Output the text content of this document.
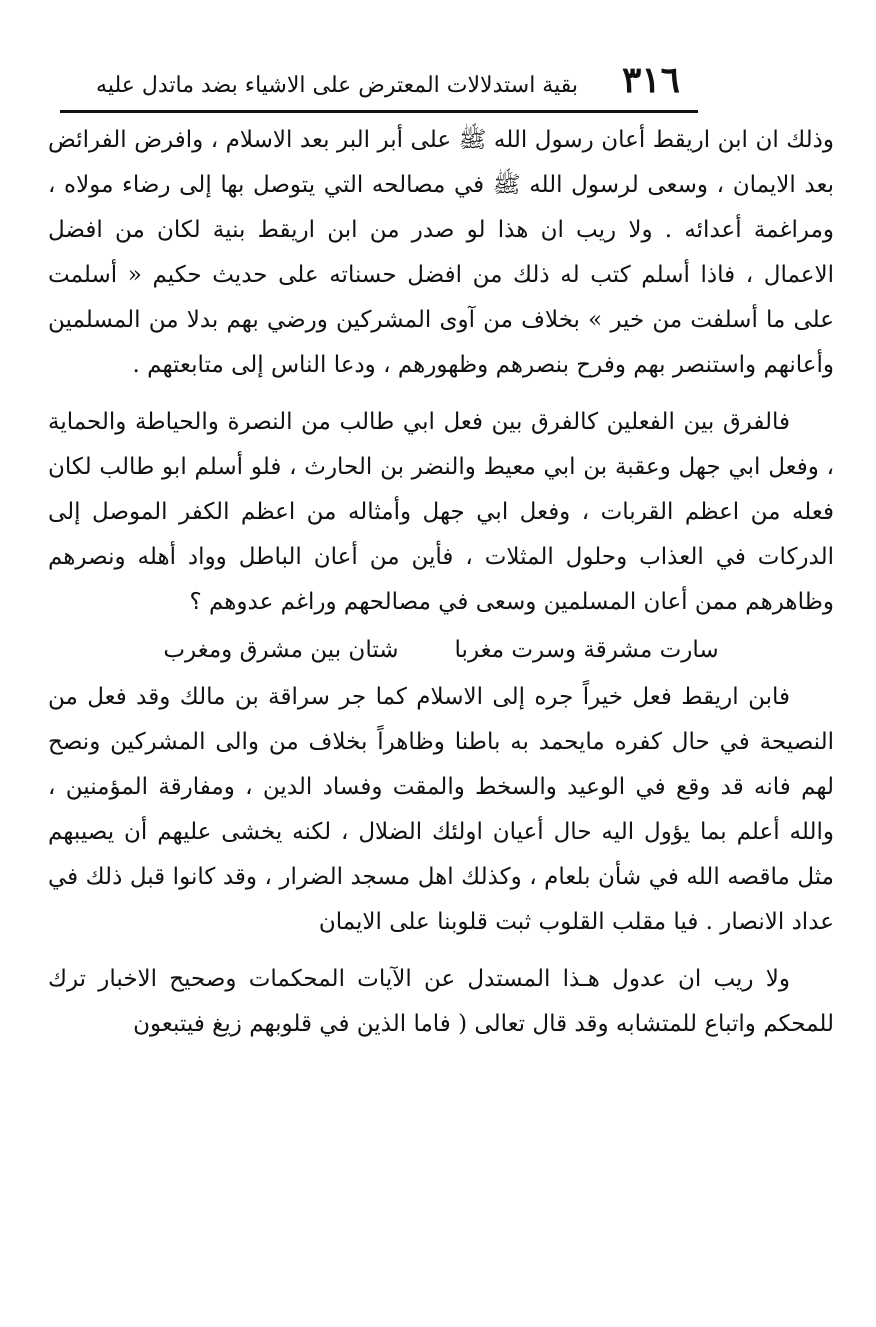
٣١٦
بقية استدلالات المعترض على الاشياء بضد ماتدل عليه

وذلك ان ابن اريقط أعان رسول الله ﷺ على أبر البر بعد الاسلام ، وافرض الفرائض بعد الايمان ، وسعى لرسول الله ﷺ في مصالحه التي يتوصل بها إلى رضاء مولاه ، ومراغمة أعدائه . ولا ريب ان هذا لو صدر من ابن اريقط بنية لكان من افضل الاعمال ، فاذا أسلم كتب له ذلك من افضل حسناته على حديث حكيم « أسلمت على ما أسلفت من خير » بخلاف من آوى المشركين ورضي بهم بدلا من المسلمين وأعانهم واستنصر بهم وفرح بنصرهم وظهورهم ، ودعا الناس إلى متابعتهم .

فالفرق بين الفعلين كالفرق بين فعل ابي طالب من النصرة والحياطة والحماية ، وفعل ابي جهل وعقبة بن ابي معيط والنضر بن الحارث ، فلو أسلم ابو طالب لكان فعله من اعظم القربات ، وفعل ابي جهل وأمثاله من اعظم الكفر الموصل إلى الدركات في العذاب وحلول المثلات ، فأين من أعان الباطل وواد أهله ونصرهم وظاهرهم ممن أعان المسلمين وسعى في مصالحهم وراغم عدوهم ؟

سارت مشرقة وسرت مغربا
شتان بين مشرق ومغرب

فابن اريقط فعل خيراً جره إلى الاسلام كما جر سراقة بن مالك وقد فعل من النصيحة في حال كفره مايحمد به باطنا وظاهراً بخلاف من والى المشركين ونصح لهم فانه قد وقع في الوعيد والسخط والمقت وفساد الدين ، ومفارقة المؤمنين ، والله أعلم بما يؤول اليه حال أعيان اولئك الضلال ، لكنه يخشى عليهم أن يصيبهم مثل ماقصه الله في شأن بلعام ، وكذلك اهل مسجد الضرار ، وقد كانوا قبل ذلك في عداد الانصار . فيا مقلب القلوب ثبت قلوبنا على الايمان

ولا ريب ان عدول هـذا المستدل عن الآيات المحكمات وصحيح الاخبار ترك للمحكم واتباع للمتشابه وقد قال تعالى ( فاما الذين في قلوبهم زيغ فيتبعون
